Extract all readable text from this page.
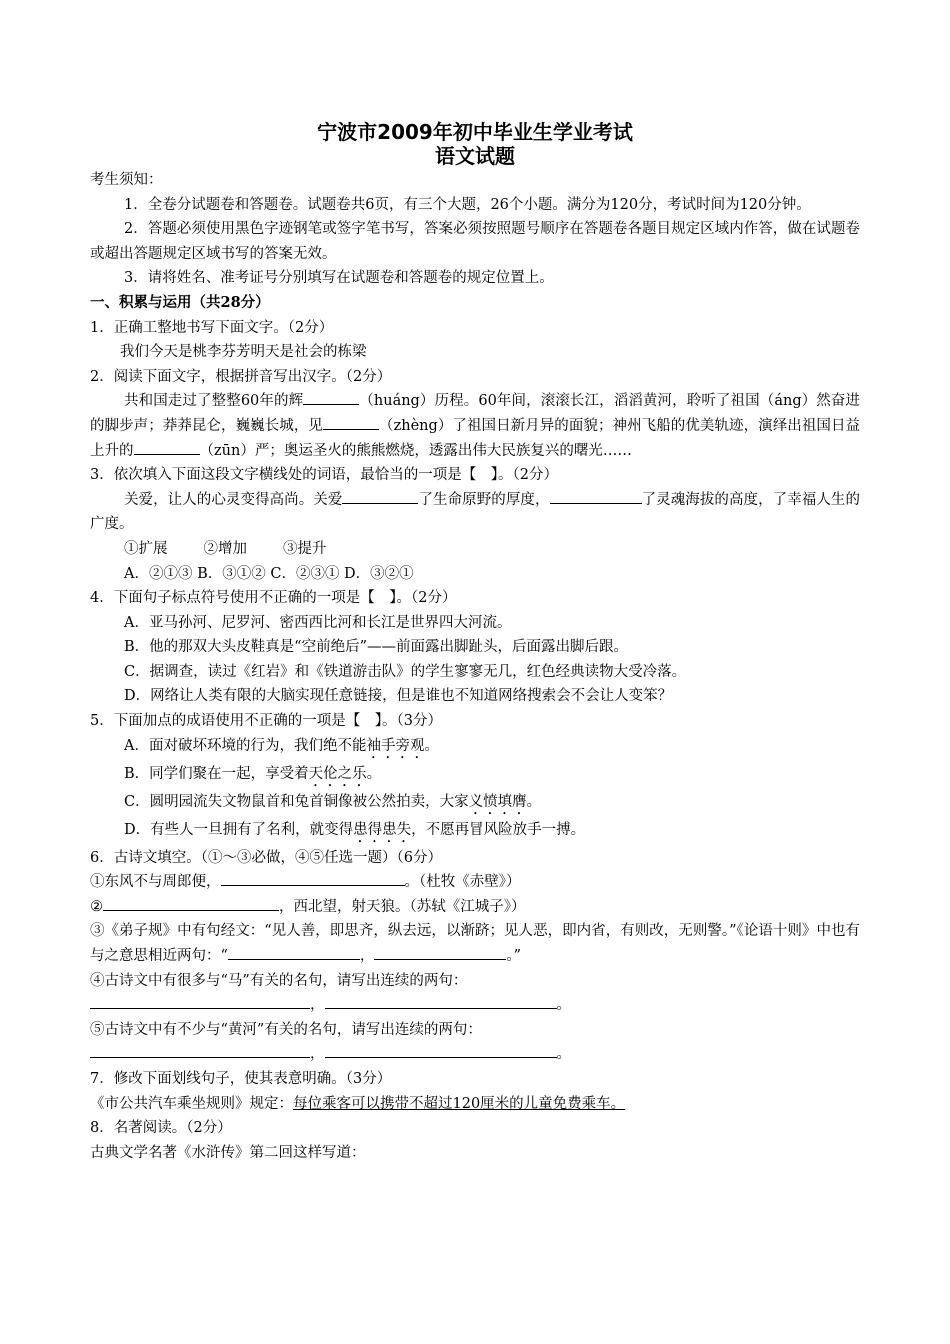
宁波市2009年初中毕业生学业考试
语文试题
考生须知：
1．全卷分试题卷和答题卷。试题卷共6页，有三个大题，26个小题。满分为120分，考试时间为120分钟。
2．答题必须使用黑色字迹钢笔或签字笔书写，答案必须按照题号顺序在答题卷各题目规定区域内作答，做在试题卷或超出答题规定区域书写的答案无效。
3．请将姓名、准考证号分别填写在试题卷和答题卷的规定位置上。
一、积累与运用（共28分）
1．正确工整地书写下面文字。（2分）
我们今天是桃李芬芳明天是社会的栋梁
2．阅读下面文字，根据拼音写出汉字。（2分）
共和国走过了整整60年的辉	（huáng）历程。60年间，滚滚长江，滔滔黄河，聆听了祖国（áng）然奋进的脚步声；莽莽昆仑，巍巍长城，见	（zhèng）了祖国日新月异的面貌；神州飞船的优美轨迹，演绎出祖国日益上升的	（zūn）严；奥运圣火的熊熊燃烧，透露出伟大民族复兴的曙光……
3．依次填入下面这段文字横线处的词语，最恰当的一项是【　】。（2分）
关爱，让人的心灵变得高尚。关爱	了生命原野的厚度，	了灵魂海拔的高度，了幸福人生的广度。
①扩展 ②增加 ③提升
A．②①③ B．③①② C．②③① D．③②①
4．下面句子标点符号使用不正确的一项是【　】。（2分）
A．亚马孙河、尼罗河、密西西比河和长江是世界四大河流。
B．他的那双大头皮鞋真是“空前绝后”——前面露出脚趾头，后面露出脚后跟。
C．据调查，读过《红岩》和《铁道游击队》的学生寥寥无几，红色经典读物大受冷落。
D．网络让人类有限的大脑实现任意链接，但是谁也不知道网络搜索会不会让人变笨？
5．下面加点的成语使用不正确的一项是【　】。（3分）
A．面对破坏环境的行为，我们绝不能袖手旁观。
B．同学们聚在一起，享受着天伦之乐。
C．圆明园流失文物鼠首和兔首铜像被公然拍卖，大家义愤填膺。
D．有些人一旦拥有了名利，就变得患得患失，不愿再冒风险放手一搏。
6．古诗文填空。（①～③必做，④⑤任选一题）（6分）
①东风不与周郎便，	。（杜牧《赤壁》）
②	，西北望，射天狼。（苏轼《江城子》）
③《弟子规》中有句经文：“见人善，即思齐，纵去远，以渐跻；见人恶，即内省，有则改，无则警。”《论语十则》中也有与之意思相近两句：“	，	。”
④古诗文中有很多与“马”有关的名句，请写出连续的两句：
，	。
⑤古诗文中有不少与“黄河”有关的名句，请写出连续的两句：
，	。
7．修改下面划线句子，使其表意明确。（3分）
《市公共汽车乘坐规则》规定：每位乘客可以携带不超过120厘米的儿童免费乘车。
8．名著阅读。（2分）
古典文学名著《水浒传》第二回这样写道：
